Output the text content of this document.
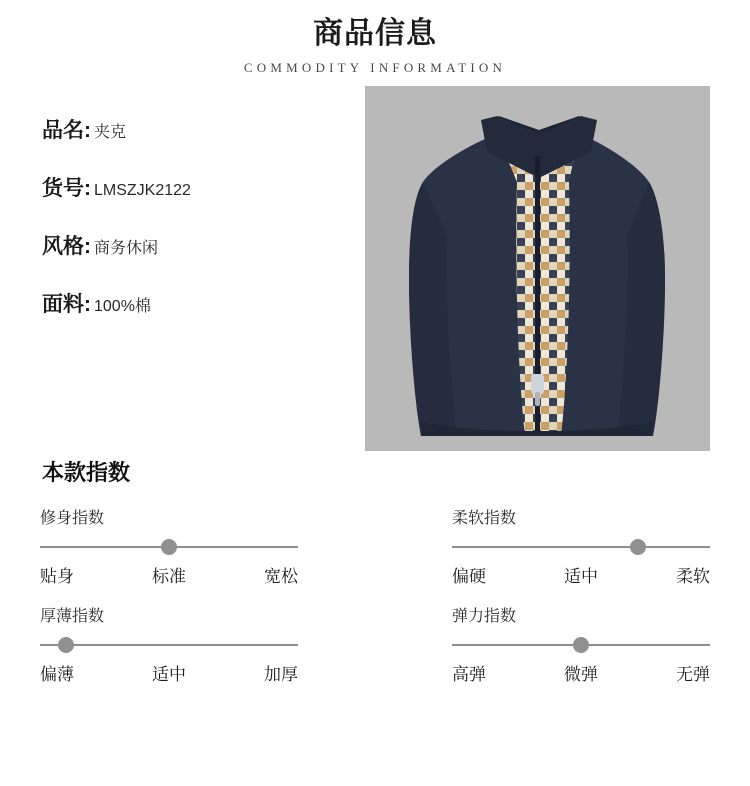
商品信息
COMMODITY INFORMATION
品名: 夹克
货号: LMSZJK2122
风格: 商务休闲
面料: 100%棉
本款指数
修身指数
贴身	标准	宽松
柔软指数
偏硬	适中	柔软
厚薄指数
偏薄	适中	加厚
弹力指数
高弹	微弹	无弹
